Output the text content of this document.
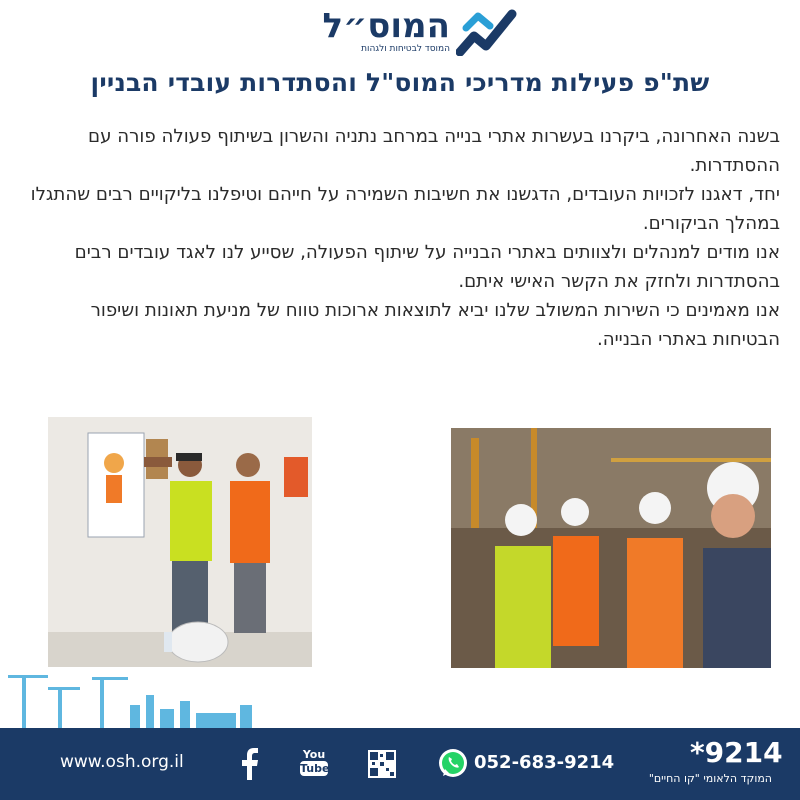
המוס״ל
המוסד לבטיחות ולגהות
שת"פ פעילות מדריכי המוס"ל והסתדרות עובדי הבניין

בשנה האחרונה, ביקרנו בעשרות אתרי בנייה במרחב נתניה והשרון בשיתוף פעולה פורה עם ההסתדרות.

יחד, דאגנו לזכויות העובדים, הדגשנו את חשיבות השמירה על חייהם וטיפלנו בליקויים רבים שהתגלו במהלך הביקורים.

אנו מודים למנהלים ולצוותים באתרי הבנייה על שיתוף הפעולה, שסייע לנו לאגד עובדים רבים בהסתדרות ולחזק את הקשר האישי איתם.

אנו מאמינים כי השירות המשולב שלנו יביא לתוצאות ארוכות טווח של מניעת תאונות ושיפור הבטיחות באתרי הבנייה.

www.osh.org.il	You
Tube	052-683-9214	*9214
המוקד הלאומי "קו החיים"
